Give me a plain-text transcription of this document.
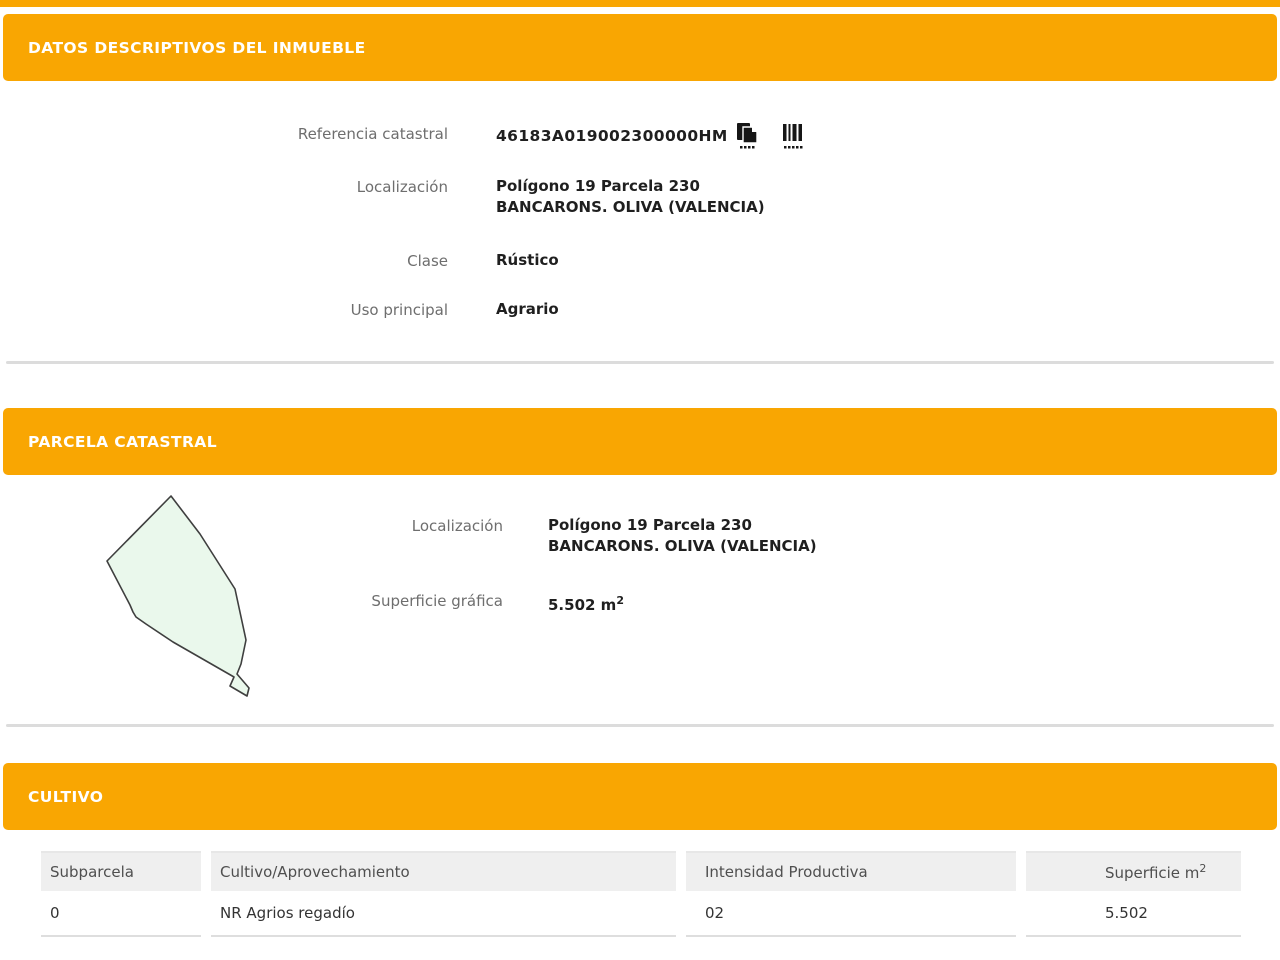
DATOS DESCRIPTIVOS DEL INMUEBLE
Referencia catastral	46183A019002300000HM
Localización	Polígono 19 Parcela 230
BANCARONS. OLIVA (VALENCIA)
Clase	Rústico
Uso principal	Agrario
PARCELA CATASTRAL
Localización	Polígono 19 Parcela 230
BANCARONS. OLIVA (VALENCIA)
Superficie gráfica	5.502 $m^2$
CULTIVO
Subparcela	Cultivo/Aprovechamiento	Intensidad Productiva	Superficie $m^2$
0	NR Agrios regadío	02	5.502
